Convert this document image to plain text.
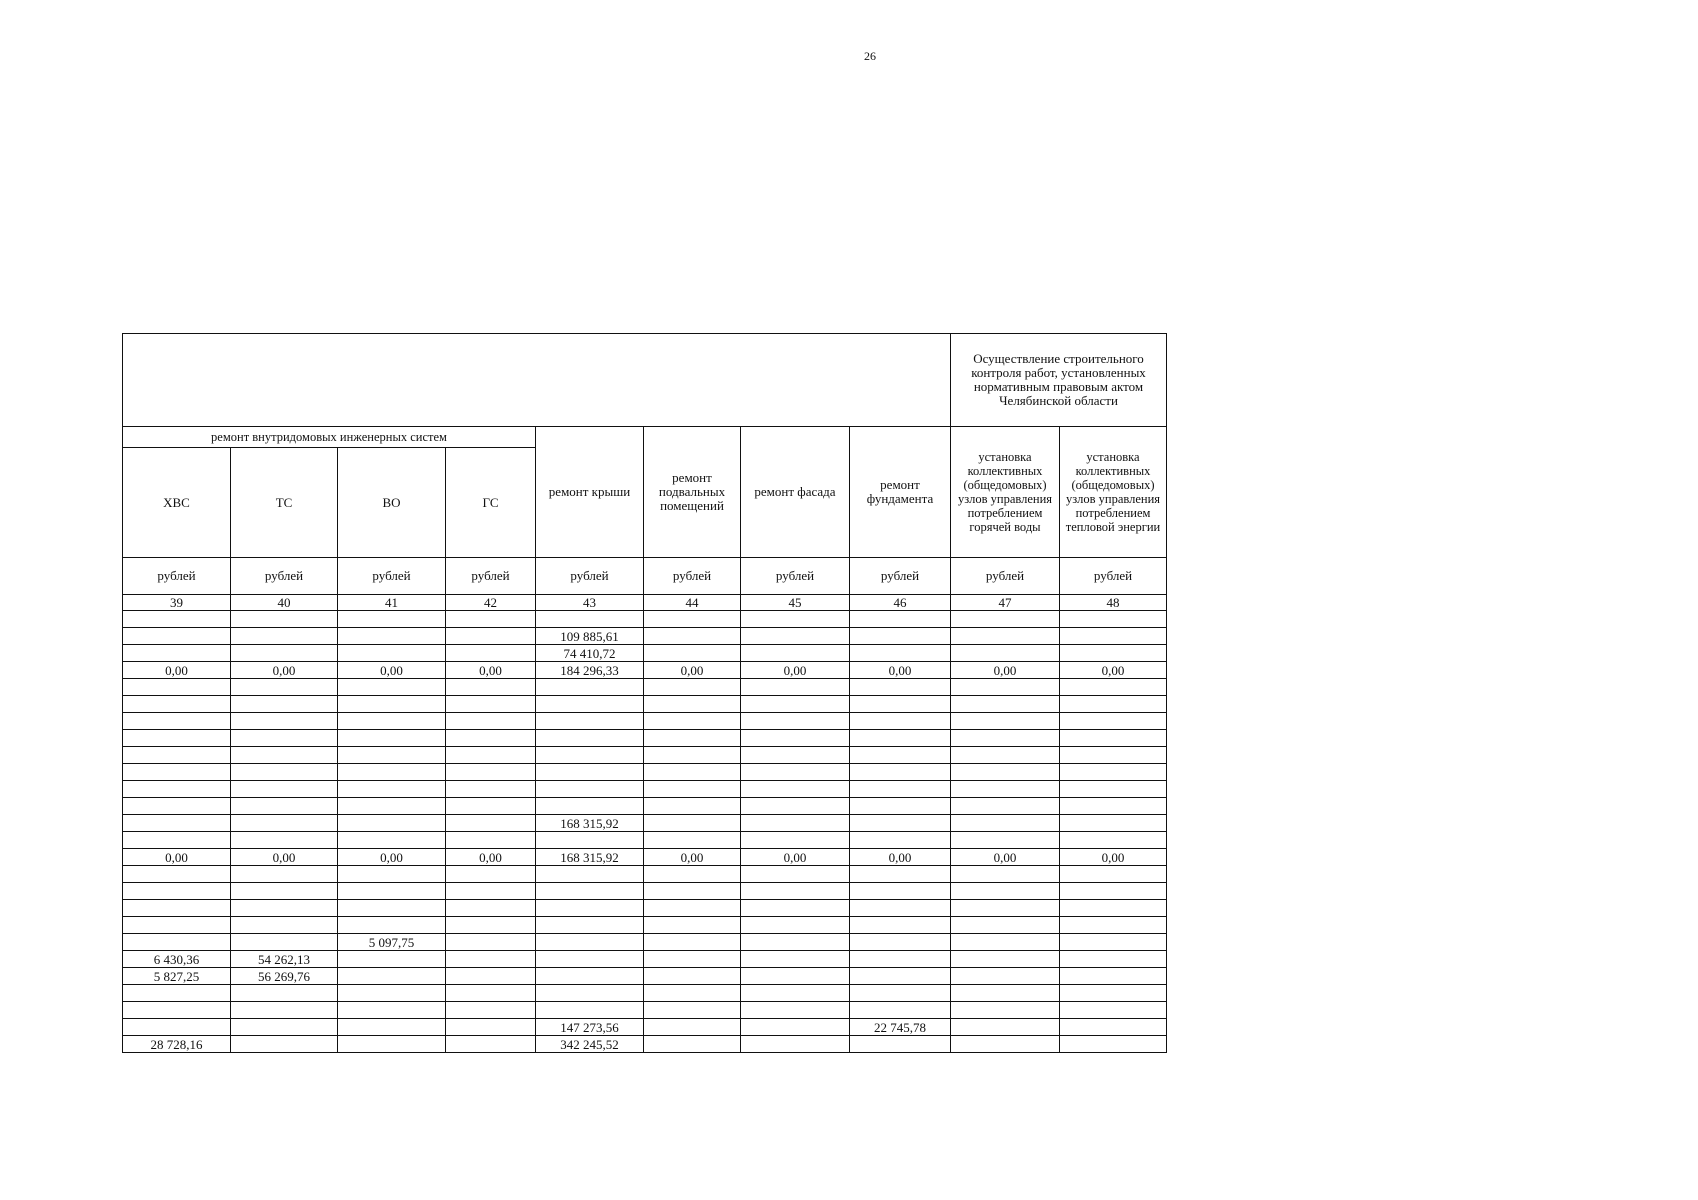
26
								Осуществление строительного контроля работ, установленных нормативным правовым актом Челябинской области	
ремонт внутридомовых инженерных систем				ремонт крыши	ремонт подвальных помещений	ремонт фасада	ремонт фундамента	установка коллективных (общедомовых) узлов управления потреблением горячей воды	установка коллективных (общедомовых) узлов управления потреблением тепловой энергии
ХВС	ТС	ВО	ГС						
рублей	рублей	рублей	рублей	рублей	рублей	рублей	рублей	рублей	рублей
39	40	41	42	43	44	45	46	47	48

				109 885,61					
				74 410,72					
0,00	0,00	0,00	0,00	184 296,33	0,00	0,00	0,00	0,00	0,00

				168 315,92					

0,00	0,00	0,00	0,00	168 315,92	0,00	0,00	0,00	0,00	0,00

		5 097,75							
6 430,36	54 262,13								
5 827,25	56 269,76								

				147 273,56			22 745,78		
28 728,16				342 245,52					
